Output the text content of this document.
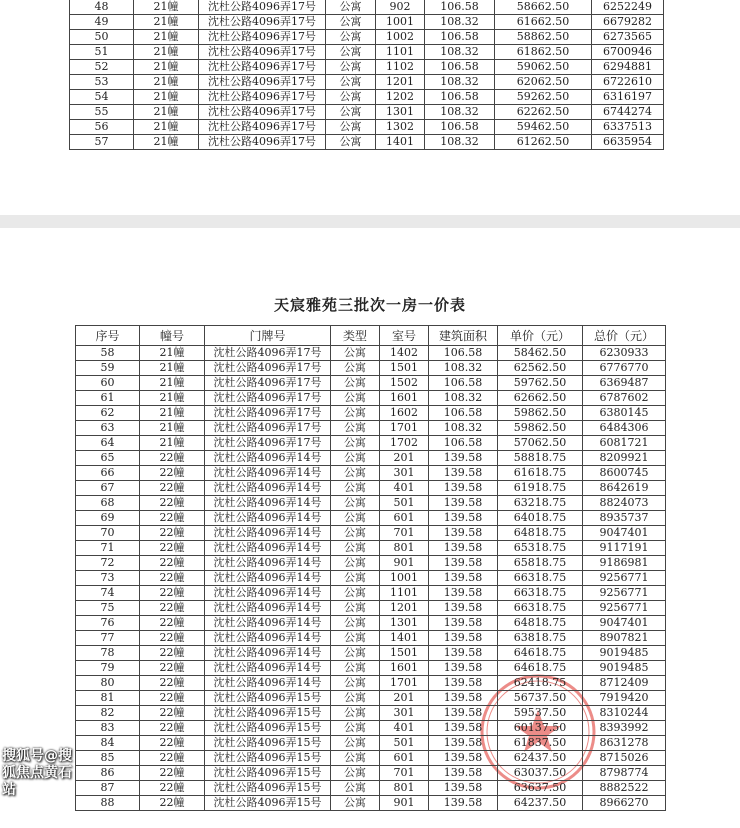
48	21幢	沈杜公路4096弄17号	公寓	902	106.58	58662.50	6252249
49	21幢	沈杜公路4096弄17号	公寓	1001	108.32	61662.50	6679282
50	21幢	沈杜公路4096弄17号	公寓	1002	106.58	58862.50	6273565
51	21幢	沈杜公路4096弄17号	公寓	1101	108.32	61862.50	6700946
52	21幢	沈杜公路4096弄17号	公寓	1102	106.58	59062.50	6294881
53	21幢	沈杜公路4096弄17号	公寓	1201	108.32	62062.50	6722610
54	21幢	沈杜公路4096弄17号	公寓	1202	106.58	59262.50	6316197
55	21幢	沈杜公路4096弄17号	公寓	1301	108.32	62262.50	6744274
56	21幢	沈杜公路4096弄17号	公寓	1302	106.58	59462.50	6337513
57	21幢	沈杜公路4096弄17号	公寓	1401	108.32	61262.50	6635954
天宸雅苑三批次一房一价表
序号	幢号	门牌号	类型	室号	建筑面积	单价（元）	总价（元）
58	21幢	沈杜公路4096弄17号	公寓	1402	106.58	58462.50	6230933
59	21幢	沈杜公路4096弄17号	公寓	1501	108.32	62562.50	6776770
60	21幢	沈杜公路4096弄17号	公寓	1502	106.58	59762.50	6369487
61	21幢	沈杜公路4096弄17号	公寓	1601	108.32	62662.50	6787602
62	21幢	沈杜公路4096弄17号	公寓	1602	106.58	59862.50	6380145
63	21幢	沈杜公路4096弄17号	公寓	1701	108.32	59862.50	6484306
64	21幢	沈杜公路4096弄17号	公寓	1702	106.58	57062.50	6081721
65	22幢	沈杜公路4096弄14号	公寓	201	139.58	58818.75	8209921
66	22幢	沈杜公路4096弄14号	公寓	301	139.58	61618.75	8600745
67	22幢	沈杜公路4096弄14号	公寓	401	139.58	61918.75	8642619
68	22幢	沈杜公路4096弄14号	公寓	501	139.58	63218.75	8824073
69	22幢	沈杜公路4096弄14号	公寓	601	139.58	64018.75	8935737
70	22幢	沈杜公路4096弄14号	公寓	701	139.58	64818.75	9047401
71	22幢	沈杜公路4096弄14号	公寓	801	139.58	65318.75	9117191
72	22幢	沈杜公路4096弄14号	公寓	901	139.58	65818.75	9186981
73	22幢	沈杜公路4096弄14号	公寓	1001	139.58	66318.75	9256771
74	22幢	沈杜公路4096弄14号	公寓	1101	139.58	66318.75	9256771
75	22幢	沈杜公路4096弄14号	公寓	1201	139.58	66318.75	9256771
76	22幢	沈杜公路4096弄14号	公寓	1301	139.58	64818.75	9047401
77	22幢	沈杜公路4096弄14号	公寓	1401	139.58	63818.75	8907821
78	22幢	沈杜公路4096弄14号	公寓	1501	139.58	64618.75	9019485
79	22幢	沈杜公路4096弄14号	公寓	1601	139.58	64618.75	9019485
80	22幢	沈杜公路4096弄14号	公寓	1701	139.58	62418.75	8712409
81	22幢	沈杜公路4096弄15号	公寓	201	139.58	56737.50	7919420
82	22幢	沈杜公路4096弄15号	公寓	301	139.58	59537.50	8310244
83	22幢	沈杜公路4096弄15号	公寓	401	139.58	60137.50	8393992
84	22幢	沈杜公路4096弄15号	公寓	501	139.58	61837.50	8631278
85	22幢	沈杜公路4096弄15号	公寓	601	139.58	62437.50	8715026
86	22幢	沈杜公路4096弄15号	公寓	701	139.58	63037.50	8798774
87	22幢	沈杜公路4096弄15号	公寓	801	139.58	63637.50	8882522
88	22幢	沈杜公路4096弄15号	公寓	901	139.58	64237.50	8966270
搜狐号@搜狐焦点黄石站
